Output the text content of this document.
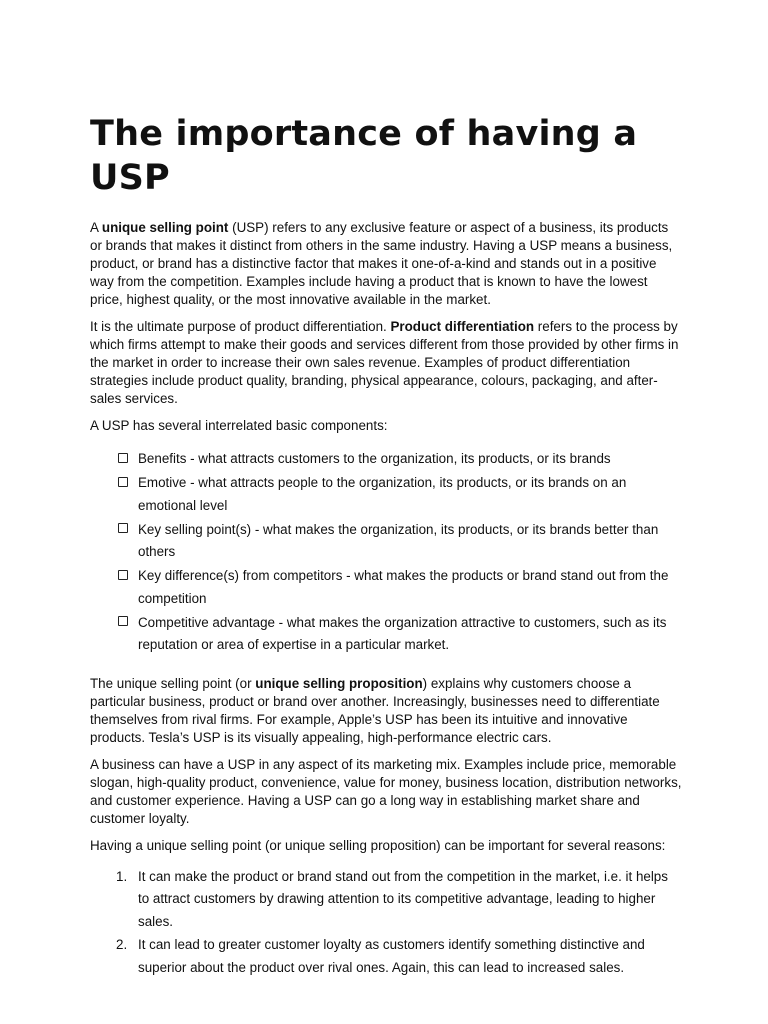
The importance of having a USP

A unique selling point (USP) refers to any exclusive feature or aspect of a business, its products or brands that makes it distinct from others in the same industry. Having a USP means a business, product, or brand has a distinctive factor that makes it one-of-a-kind and stands out in a positive way from the competition. Examples include having a product that is known to have the lowest price, highest quality, or the most innovative available in the market.

It is the ultimate purpose of product differentiation. Product differentiation refers to the process by which firms attempt to make their goods and services different from those provided by other firms in the market in order to increase their own sales revenue. Examples of product differentiation strategies include product quality, branding, physical appearance, colours, packaging, and after-sales services.

A USP has several interrelated basic components:

Benefits - what attracts customers to the organization, its products, or its brands
Emotive - what attracts people to the organization, its products, or its brands on an emotional level
Key selling point(s) - what makes the organization, its products, or its brands better than others
Key difference(s) from competitors - what makes the products or brand stand out from the competition
Competitive advantage - what makes the organization attractive to customers, such as its reputation or area of expertise in a particular market.

The unique selling point (or unique selling proposition) explains why customers choose a particular business, product or brand over another. Increasingly, businesses need to differentiate themselves from rival firms. For example, Apple’s USP has been its intuitive and innovative products. Tesla’s USP is its visually appealing, high-performance electric cars.

A business can have a USP in any aspect of its marketing mix. Examples include price, memorable slogan, high-quality product, convenience, value for money, business location, distribution networks, and customer experience. Having a USP can go a long way in establishing market share and customer loyalty.

Having a unique selling point (or unique selling proposition) can be important for several reasons:

1. It can make the product or brand stand out from the competition in the market, i.e. it helps to attract customers by drawing attention to its competitive advantage, leading to higher sales.
2. It can lead to greater customer loyalty as customers identify something distinctive and superior about the product over rival ones. Again, this can lead to increased sales.
